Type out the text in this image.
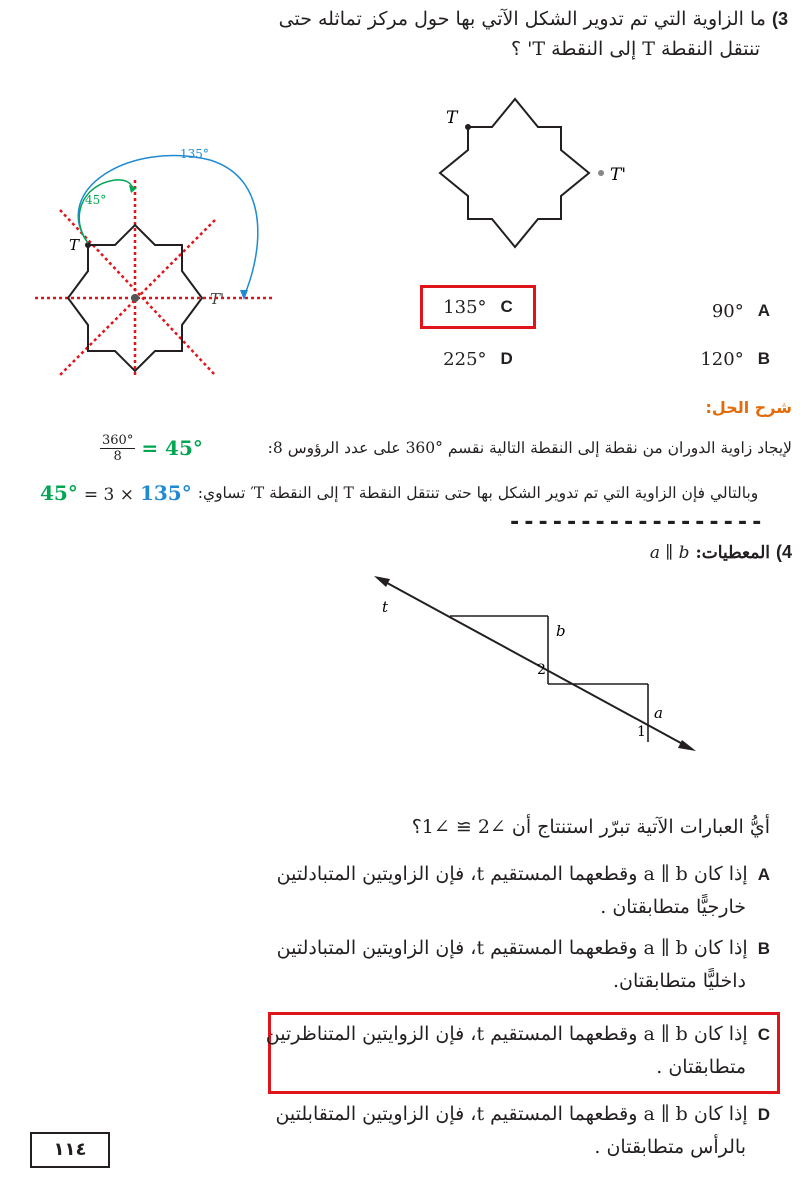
3)
ما الزاوية التي تم تدوير الشكل الآتي بها حول مركز تماثله حتى
تنتقل النقطة T إلى النقطة T' ؟
T
T'
135°
45°
T
T'
90° A
120° B
135° C
225° D
شرح الحل:
$\frac{360^\circ}{8} = 45^\circ$	لإيجاد زاوية الدوران من نقطة إلى النقطة التالية نقسم °360 على عدد الرؤوس 8:
45° = 3 × 135° وبالتالي فإن الزاوية التي تم تدوير الشكل بها حتى تنتقل النقطة T إلى النقطة T′ تساوي:
------------------
4)
المعطيات:
a ∥ b
t
b
a
2
1
أيُّ العبارات الآتية تبرّر استنتاج أن ∠2 ≅ ∠1؟
A
إذا كان a ∥ b وقطعهما المستقيم t، فإن الزاويتين المتبادلتين
خارجيًّا متطابقتان .
B
إذا كان a ∥ b وقطعهما المستقيم t، فإن الزاويتين المتبادلتين
داخليًّا متطابقتان.
C
إذا كان a ∥ b وقطعهما المستقيم t، فإن الزوايتين المتناظرتين
متطابقتان .
D
إذا كان a ∥ b وقطعهما المستقيم t، فإن الزاويتين المتقابلتين
بالرأس متطابقتان .
١١٤
